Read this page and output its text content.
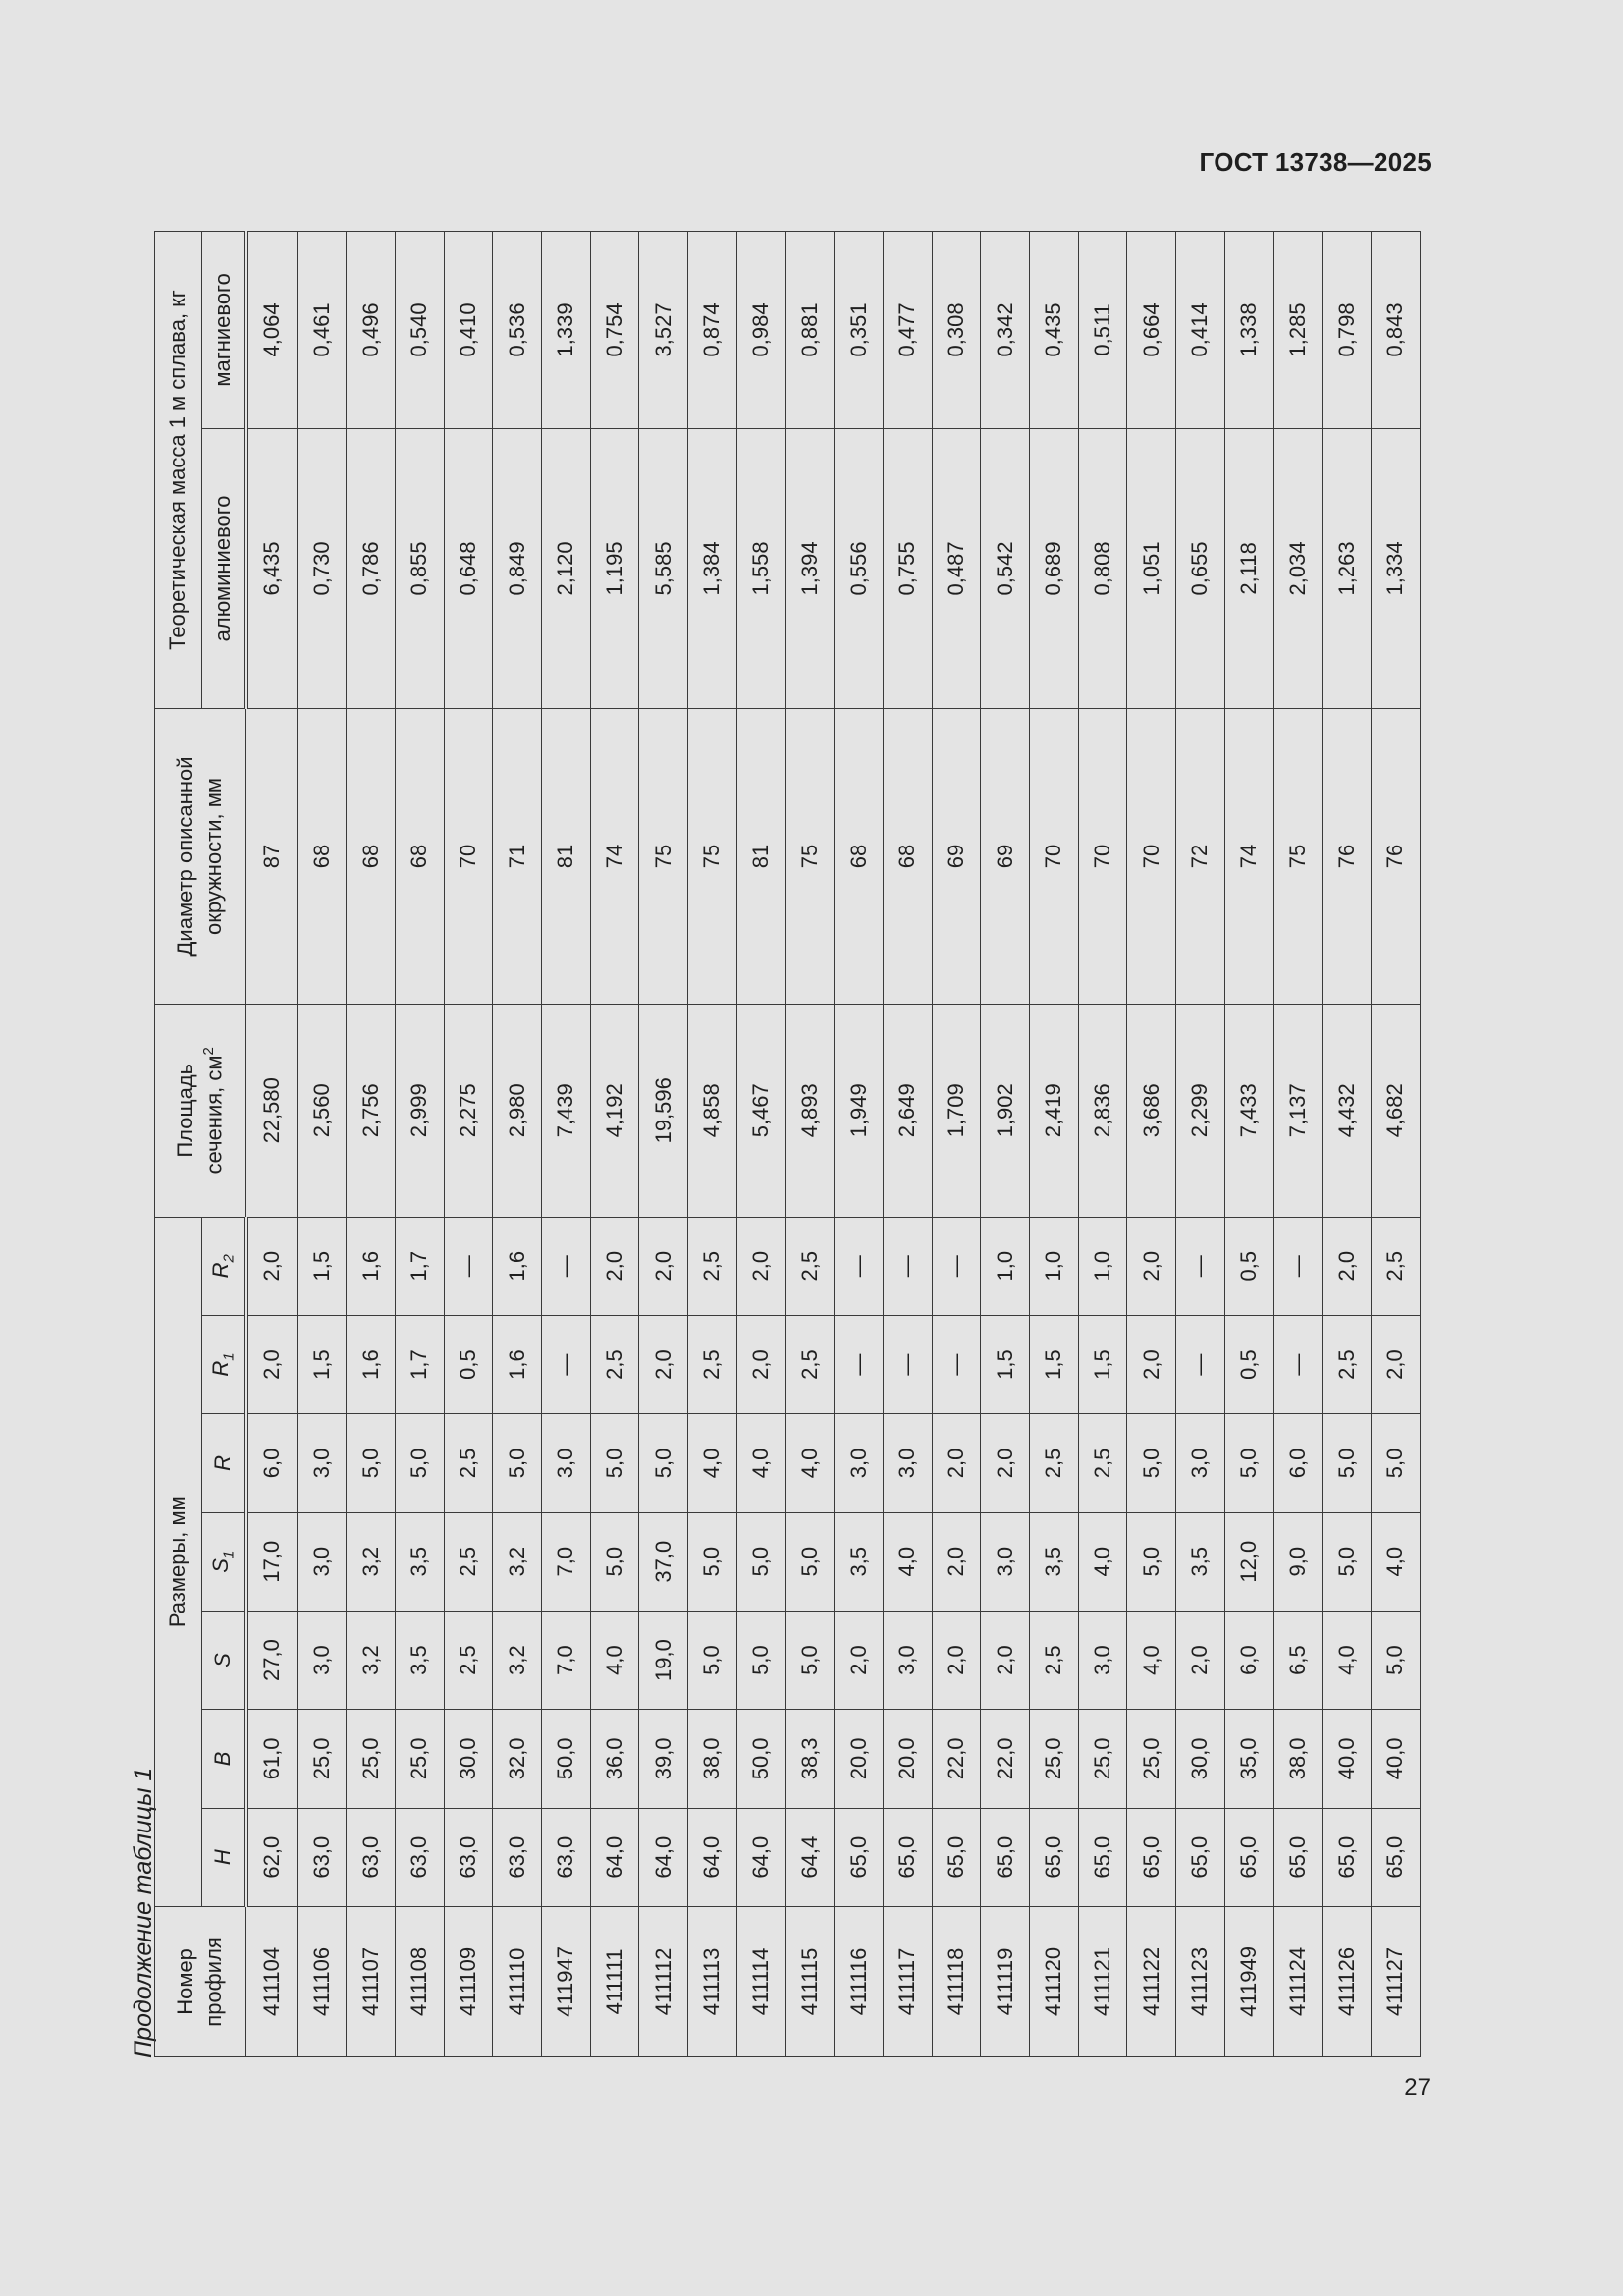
ГОСТ 13738—2025
Продолжение таблицы 1 Номер профиля	Размеры, мм							Площадь сечения, $см^2$	Диаметр описанной окружности, мм	Теоретическая масса 1 м сплава, кг	
	H	B	S	$S_1$	R	$R_1$	$R_2$			алюминиевого	магниевого
411104	62,0	61,0	27,0	17,0	6,0	2,0	2,0	22,580	87	6,435	4,064
411106	63,0	25,0	3,0	3,0	3,0	1,5	1,5	2,560	68	0,730	0,461
411107	63,0	25,0	3,2	3,2	5,0	1,6	1,6	2,756	68	0,786	0,496
411108	63,0	25,0	3,5	3,5	5,0	1,7	1,7	2,999	68	0,855	0,540
411109	63,0	30,0	2,5	2,5	2,5	0,5	—	2,275	70	0,648	0,410
411110	63,0	32,0	3,2	3,2	5,0	1,6	1,6	2,980	71	0,849	0,536
411947	63,0	50,0	7,0	7,0	3,0	—	—	7,439	81	2,120	1,339
411111	64,0	36,0	4,0	5,0	5,0	2,5	2,0	4,192	74	1,195	0,754
411112	64,0	39,0	19,0	37,0	5,0	2,0	2,0	19,596	75	5,585	3,527
411113	64,0	38,0	5,0	5,0	4,0	2,5	2,5	4,858	75	1,384	0,874
411114	64,0	50,0	5,0	5,0	4,0	2,0	2,0	5,467	81	1,558	0,984
411115	64,4	38,3	5,0	5,0	4,0	2,5	2,5	4,893	75	1,394	0,881
411116	65,0	20,0	2,0	3,5	3,0	—	—	1,949	68	0,556	0,351
411117	65,0	20,0	3,0	4,0	3,0	—	—	2,649	68	0,755	0,477
411118	65,0	22,0	2,0	2,0	2,0	—	—	1,709	69	0,487	0,308
411119	65,0	22,0	2,0	3,0	2,0	1,5	1,0	1,902	69	0,542	0,342
411120	65,0	25,0	2,5	3,5	2,5	1,5	1,0	2,419	70	0,689	0,435
411121	65,0	25,0	3,0	4,0	2,5	1,5	1,0	2,836	70	0,808	0,511
411122	65,0	25,0	4,0	5,0	5,0	2,0	2,0	3,686	70	1,051	0,664
411123	65,0	30,0	2,0	3,5	3,0	—	—	2,299	72	0,655	0,414
411949	65,0	35,0	6,0	12,0	5,0	0,5	0,5	7,433	74	2,118	1,338
411124	65,0	38,0	6,5	9,0	6,0	—	—	7,137	75	2,034	1,285
411126	65,0	40,0	4,0	5,0	5,0	2,5	2,0	4,432	76	1,263	0,798
411127	65,0	40,0	5,0	4,0	5,0	2,0	2,5	4,682	76	1,334	0,843
27
